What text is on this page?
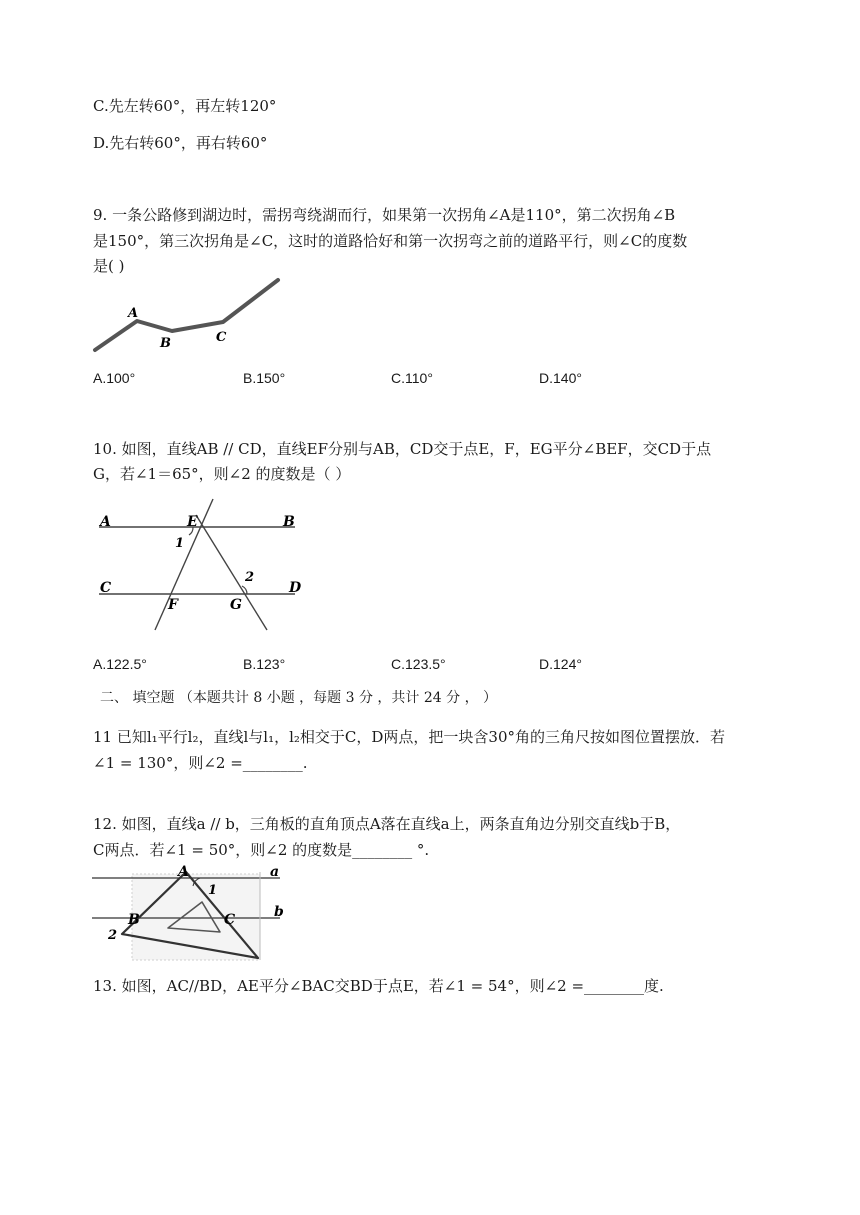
C.先左转60°，再左转120°
D.先右转60°，再右转60°
9. 一条公路修到湖边时，需拐弯绕湖而行，如果第一次拐角∠A是110°，第二次拐角∠B
是150°，第三次拐角是∠C，这时的道路恰好和第一次拐弯之前的道路平行，则∠C的度数
是( )
A
B	C
A.100°	B.150°	C.110°	D.140°
10. 如图，直线AB // CD，直线EF分别与AB，CD交于点E，F，EG平分∠BEF，交CD于点
G，若∠1＝65°，则∠2 的度数是（ ）
A	B
C	D
E
F	G
1
2
A.122.5°	B.123°	C.123.5°	D.124°
二、 填空题 （本题共计 8 小题 ，每题 3 分 ，共计 24 分 ， ）
11 已知l₁平行l₂，直线l与l₁，l₂相交于C，D两点，把一块含30°角的三角尺按如图位置摆放．若
∠1 = 130°，则∠2 =________.
12. 如图，直线a // b，三角板的直角顶点A落在直线a上，两条直角边分别交直线b于B，
C两点．若∠1 = 50°，则∠2 的度数是________ °.
A
B	C
1
2
a
b
13. 如图，AC//BD，AE平分∠BAC交BD于点E，若∠1 = 54°，则∠2 =________度.
